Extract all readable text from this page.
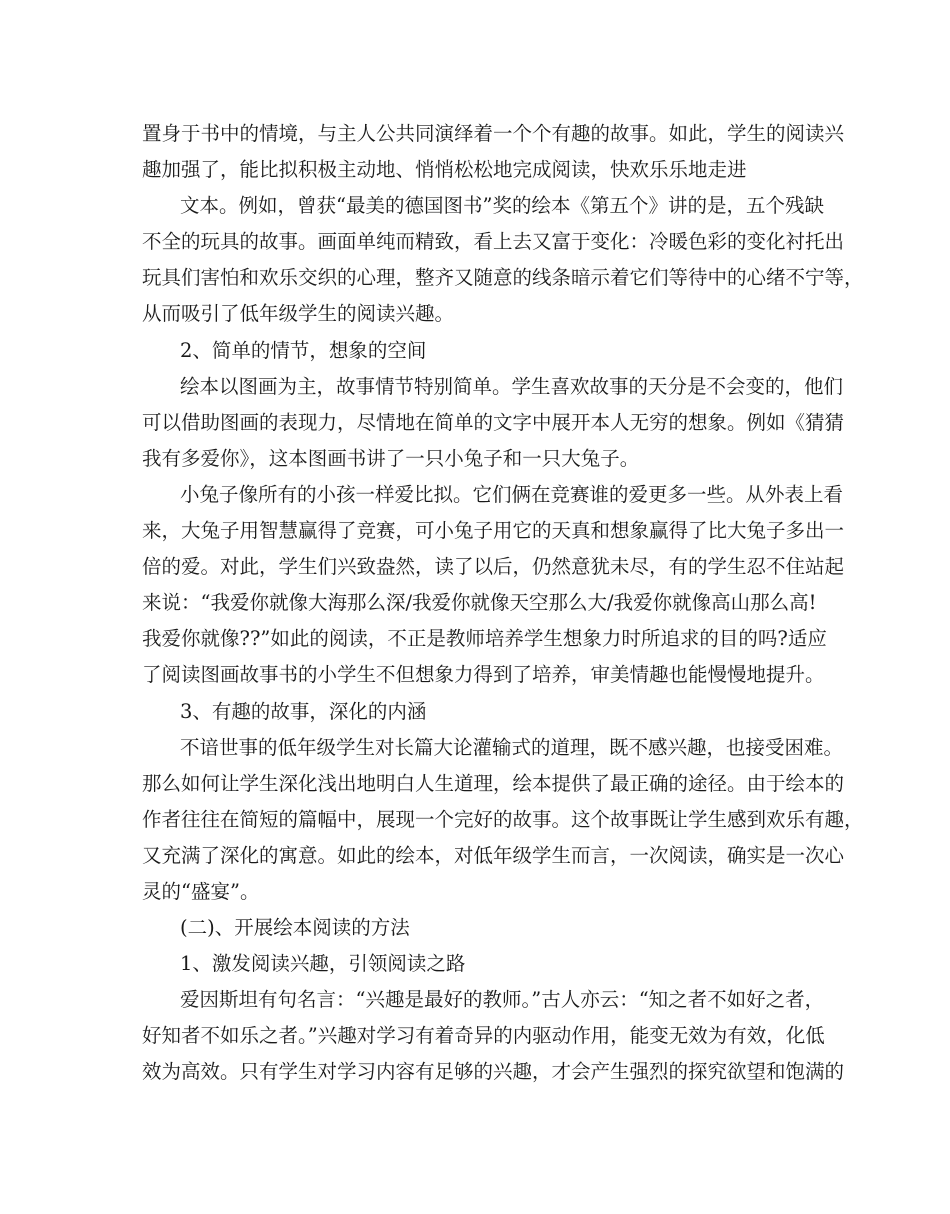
置身于书中的情境，与主人公共同演绎着一个个有趣的故事。如此，学生的阅读兴
趣加强了，能比拟积极主动地、悄悄松松地完成阅读，快欢乐乐地走进
文本。例如，曾获“最美的德国图书”奖的绘本《第五个》讲的是，五个残缺
不全的玩具的故事。画面单纯而精致，看上去又富于变化：冷暖色彩的变化衬托出
玩具们害怕和欢乐交织的心理，整齐又随意的线条暗示着它们等待中的心绪不宁等，
从而吸引了低年级学生的阅读兴趣。
2、简单的情节，想象的空间
绘本以图画为主，故事情节特别简单。学生喜欢故事的天分是不会变的，他们
可以借助图画的表现力，尽情地在简单的文字中展开本人无穷的想象。例如《猜猜
我有多爱你》，这本图画书讲了一只小兔子和一只大兔子。
小兔子像所有的小孩一样爱比拟。它们俩在竞赛谁的爱更多一些。从外表上看
来，大兔子用智慧赢得了竞赛，可小兔子用它的天真和想象赢得了比大兔子多出一
倍的爱。对此，学生们兴致盎然，读了以后，仍然意犹未尽，有的学生忍不住站起
来说：“我爱你就像大海那么深/我爱你就像天空那么大/我爱你就像高山那么高!
我爱你就像??”如此的阅读，不正是教师培养学生想象力时所追求的目的吗?适应
了阅读图画故事书的小学生不但想象力得到了培养，审美情趣也能慢慢地提升。
3、有趣的故事，深化的内涵
不谙世事的低年级学生对长篇大论灌输式的道理，既不感兴趣，也接受困难。
那么如何让学生深化浅出地明白人生道理，绘本提供了最正确的途径。由于绘本的
作者往往在简短的篇幅中，展现一个完好的故事。这个故事既让学生感到欢乐有趣，
又充满了深化的寓意。如此的绘本，对低年级学生而言，一次阅读，确实是一次心
灵的“盛宴”。
(二)、开展绘本阅读的方法
1、激发阅读兴趣，引领阅读之路
爱因斯坦有句名言：“兴趣是最好的教师。”古人亦云：“知之者不如好之者，
好知者不如乐之者。”兴趣对学习有着奇异的内驱动作用，能变无效为有效，化低
效为高效。只有学生对学习内容有足够的兴趣，才会产生强烈的探究欲望和饱满的
